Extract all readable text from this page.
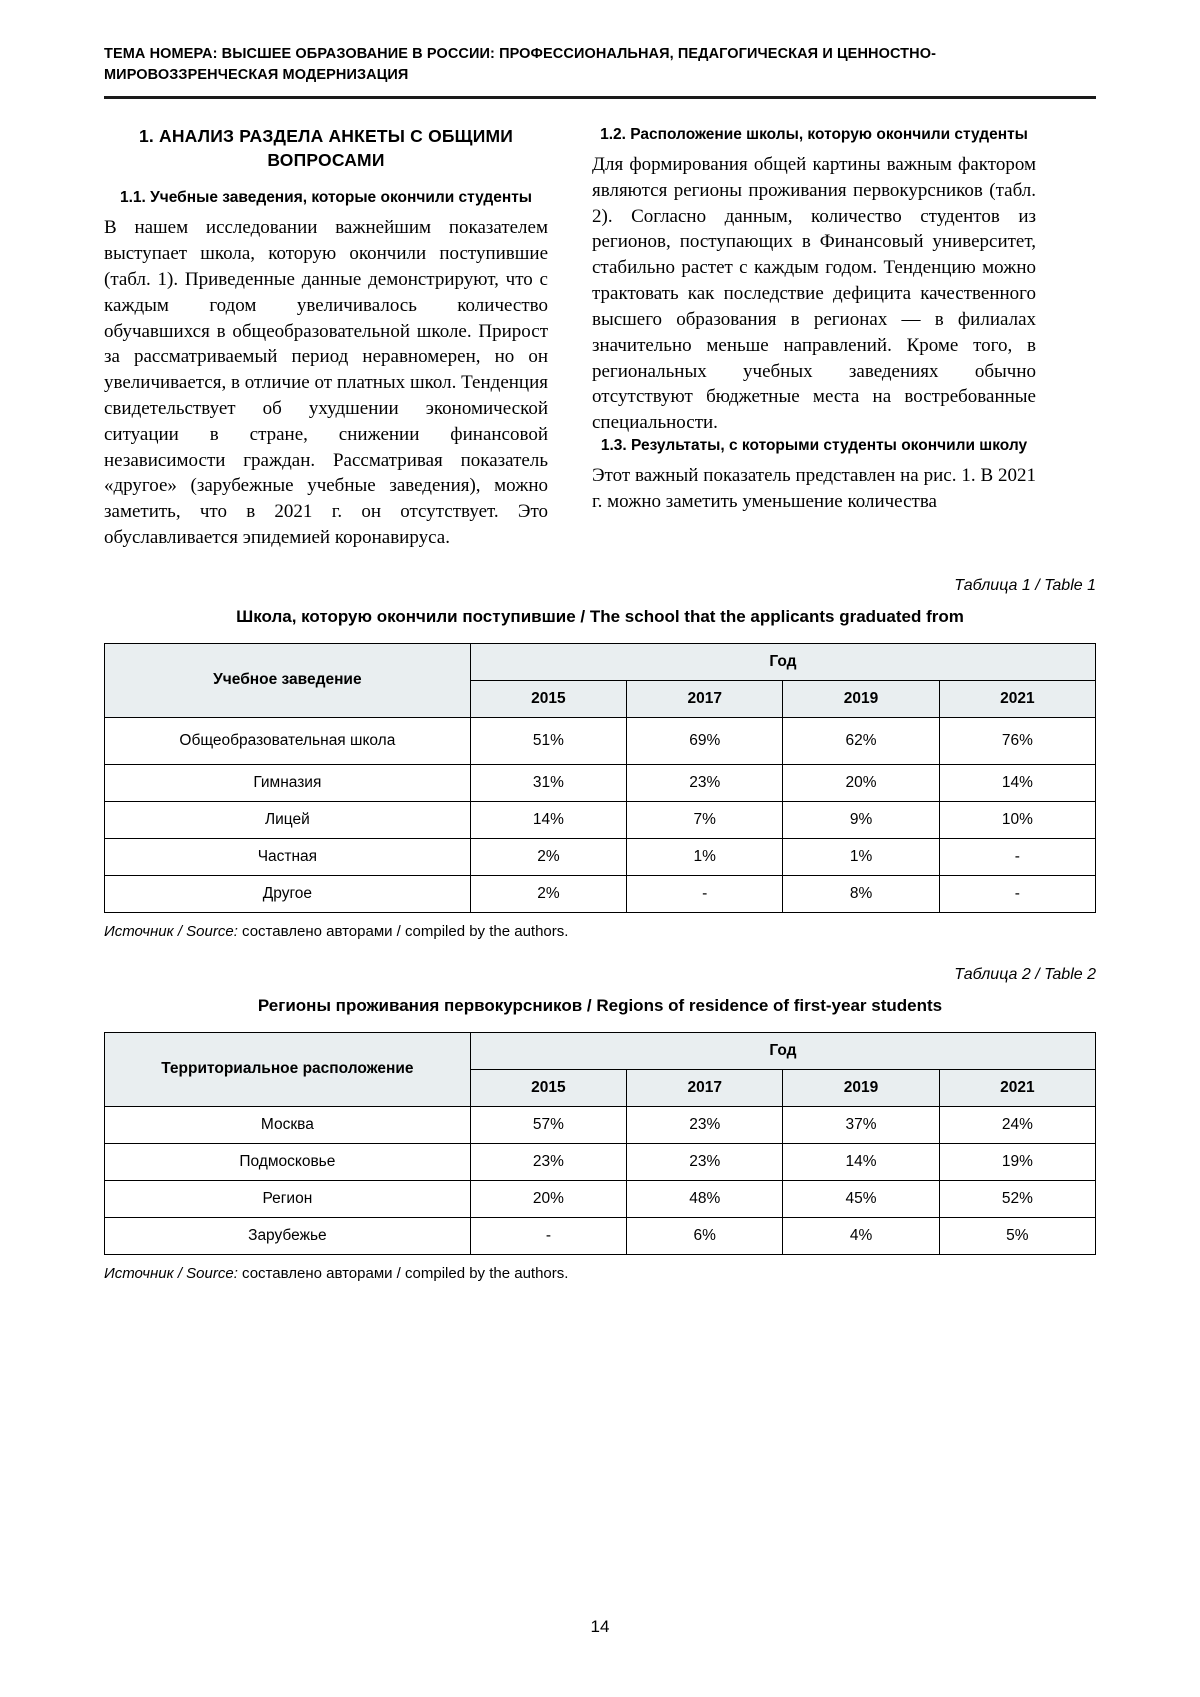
ТЕМА НОМЕРА: ВЫСШЕЕ ОБРАЗОВАНИЕ В РОССИИ: ПРОФЕССИОНАЛЬНАЯ, ПЕДАГОГИЧЕСКАЯ И ЦЕННОСТНО-МИРОВОЗЗРЕНЧЕСКАЯ МОДЕРНИЗАЦИЯ
1. АНАЛИЗ РАЗДЕЛА АНКЕТЫ С ОБЩИМИ ВОПРОСАМИ
1.1. Учебные заведения, которые окончили студенты

В нашем исследовании важнейшим показателем выступает школа, которую окончили поступившие (табл. 1). Приведенные данные демонстрируют, что с каждым годом увеличивалось количество обучавшихся в общеобразовательной школе. Прирост за рассматриваемый период неравномерен, но он увеличивается, в отличие от платных школ. Тенденция свидетельствует об ухудшении экономической ситуации в стране, снижении финансовой независимости граждан. Рассматривая показатель «другое» (зарубежные учебные заведения), можно заметить, что в 2021 г. он отсутствует. Это обуславливается эпидемией коронавируса.

1.2. Расположение школы, которую окончили студенты

Для формирования общей картины важным фактором являются регионы проживания первокурсников (табл. 2). Согласно данным, количество студентов из регионов, поступающих в Финансовый университет, стабильно растет с каждым годом. Тенденцию можно трактовать как последствие дефицита качественного высшего образования в регионах — в филиалах значительно меньше направлений. Кроме того, в региональных учебных заведениях обычно отсутствуют бюджетные места на востребованные специальности.

1.3. Результаты, с которыми студенты окончили школу

Этот важный показатель представлен на рис. 1. В 2021 г. можно заметить уменьшение количества

Таблица 1 / Table 1
Школа, которую окончили поступившие / The school that the applicants graduated from
Учебное заведение	Год			
	2015	2017	2019	2021
Общеобразовательная школа	51%	69%	62%	76%
Гимназия	31%	23%	20%	14%
Лицей	14%	7%	9%	10%
Частная	2%	1%	1%	-
Другое	2%	-	8%	-
Источник / Source: составлено авторами / compiled by the authors.
Таблица 2 / Table 2
Регионы проживания первокурсников / Regions of residence of first-year students
Территориальное расположение	Год			
	2015	2017	2019	2021
Москва	57%	23%	37%	24%
Подмосковье	23%	23%	14%	19%
Регион	20%	48%	45%	52%
Зарубежье	-	6%	4%	5%
Источник / Source: составлено авторами / compiled by the authors.
14
